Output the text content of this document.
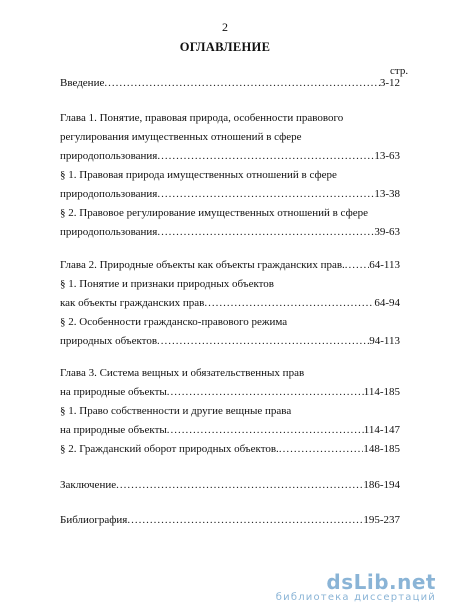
2
ОГЛАВЛЕНИЕ
стр.
Введение .....	3-12
Глава 1. Понятие, правовая природа, особенности правового
регулирования имущественных отношений в сфере
природопользования .....	13-63
§ 1. Правовая природа имущественных отношений в сфере
природопользования .....	13-38
§ 2. Правовое регулирование имущественных отношений в сфере
природопользования .....	39-63
Глава 2. Природные объекты как объекты гражданских прав. ..... 64-113
§ 1. Понятие и признаки природных объектов
как объекты гражданских прав .....	64-94
§ 2. Особенности гражданско-правового режима
природных объектов .....	94-113
Глава 3. Система вещных и обязательственных прав
на природные объекты .....	114-185
§ 1. Право собственности и другие вещные права
на природные объекты .....	114-147
§ 2. Гражданский оборот природных объектов. .....	148-185
Заключение .....	186-194
Библиография .....	195-237
dsLib.net
библиотека диссертаций
